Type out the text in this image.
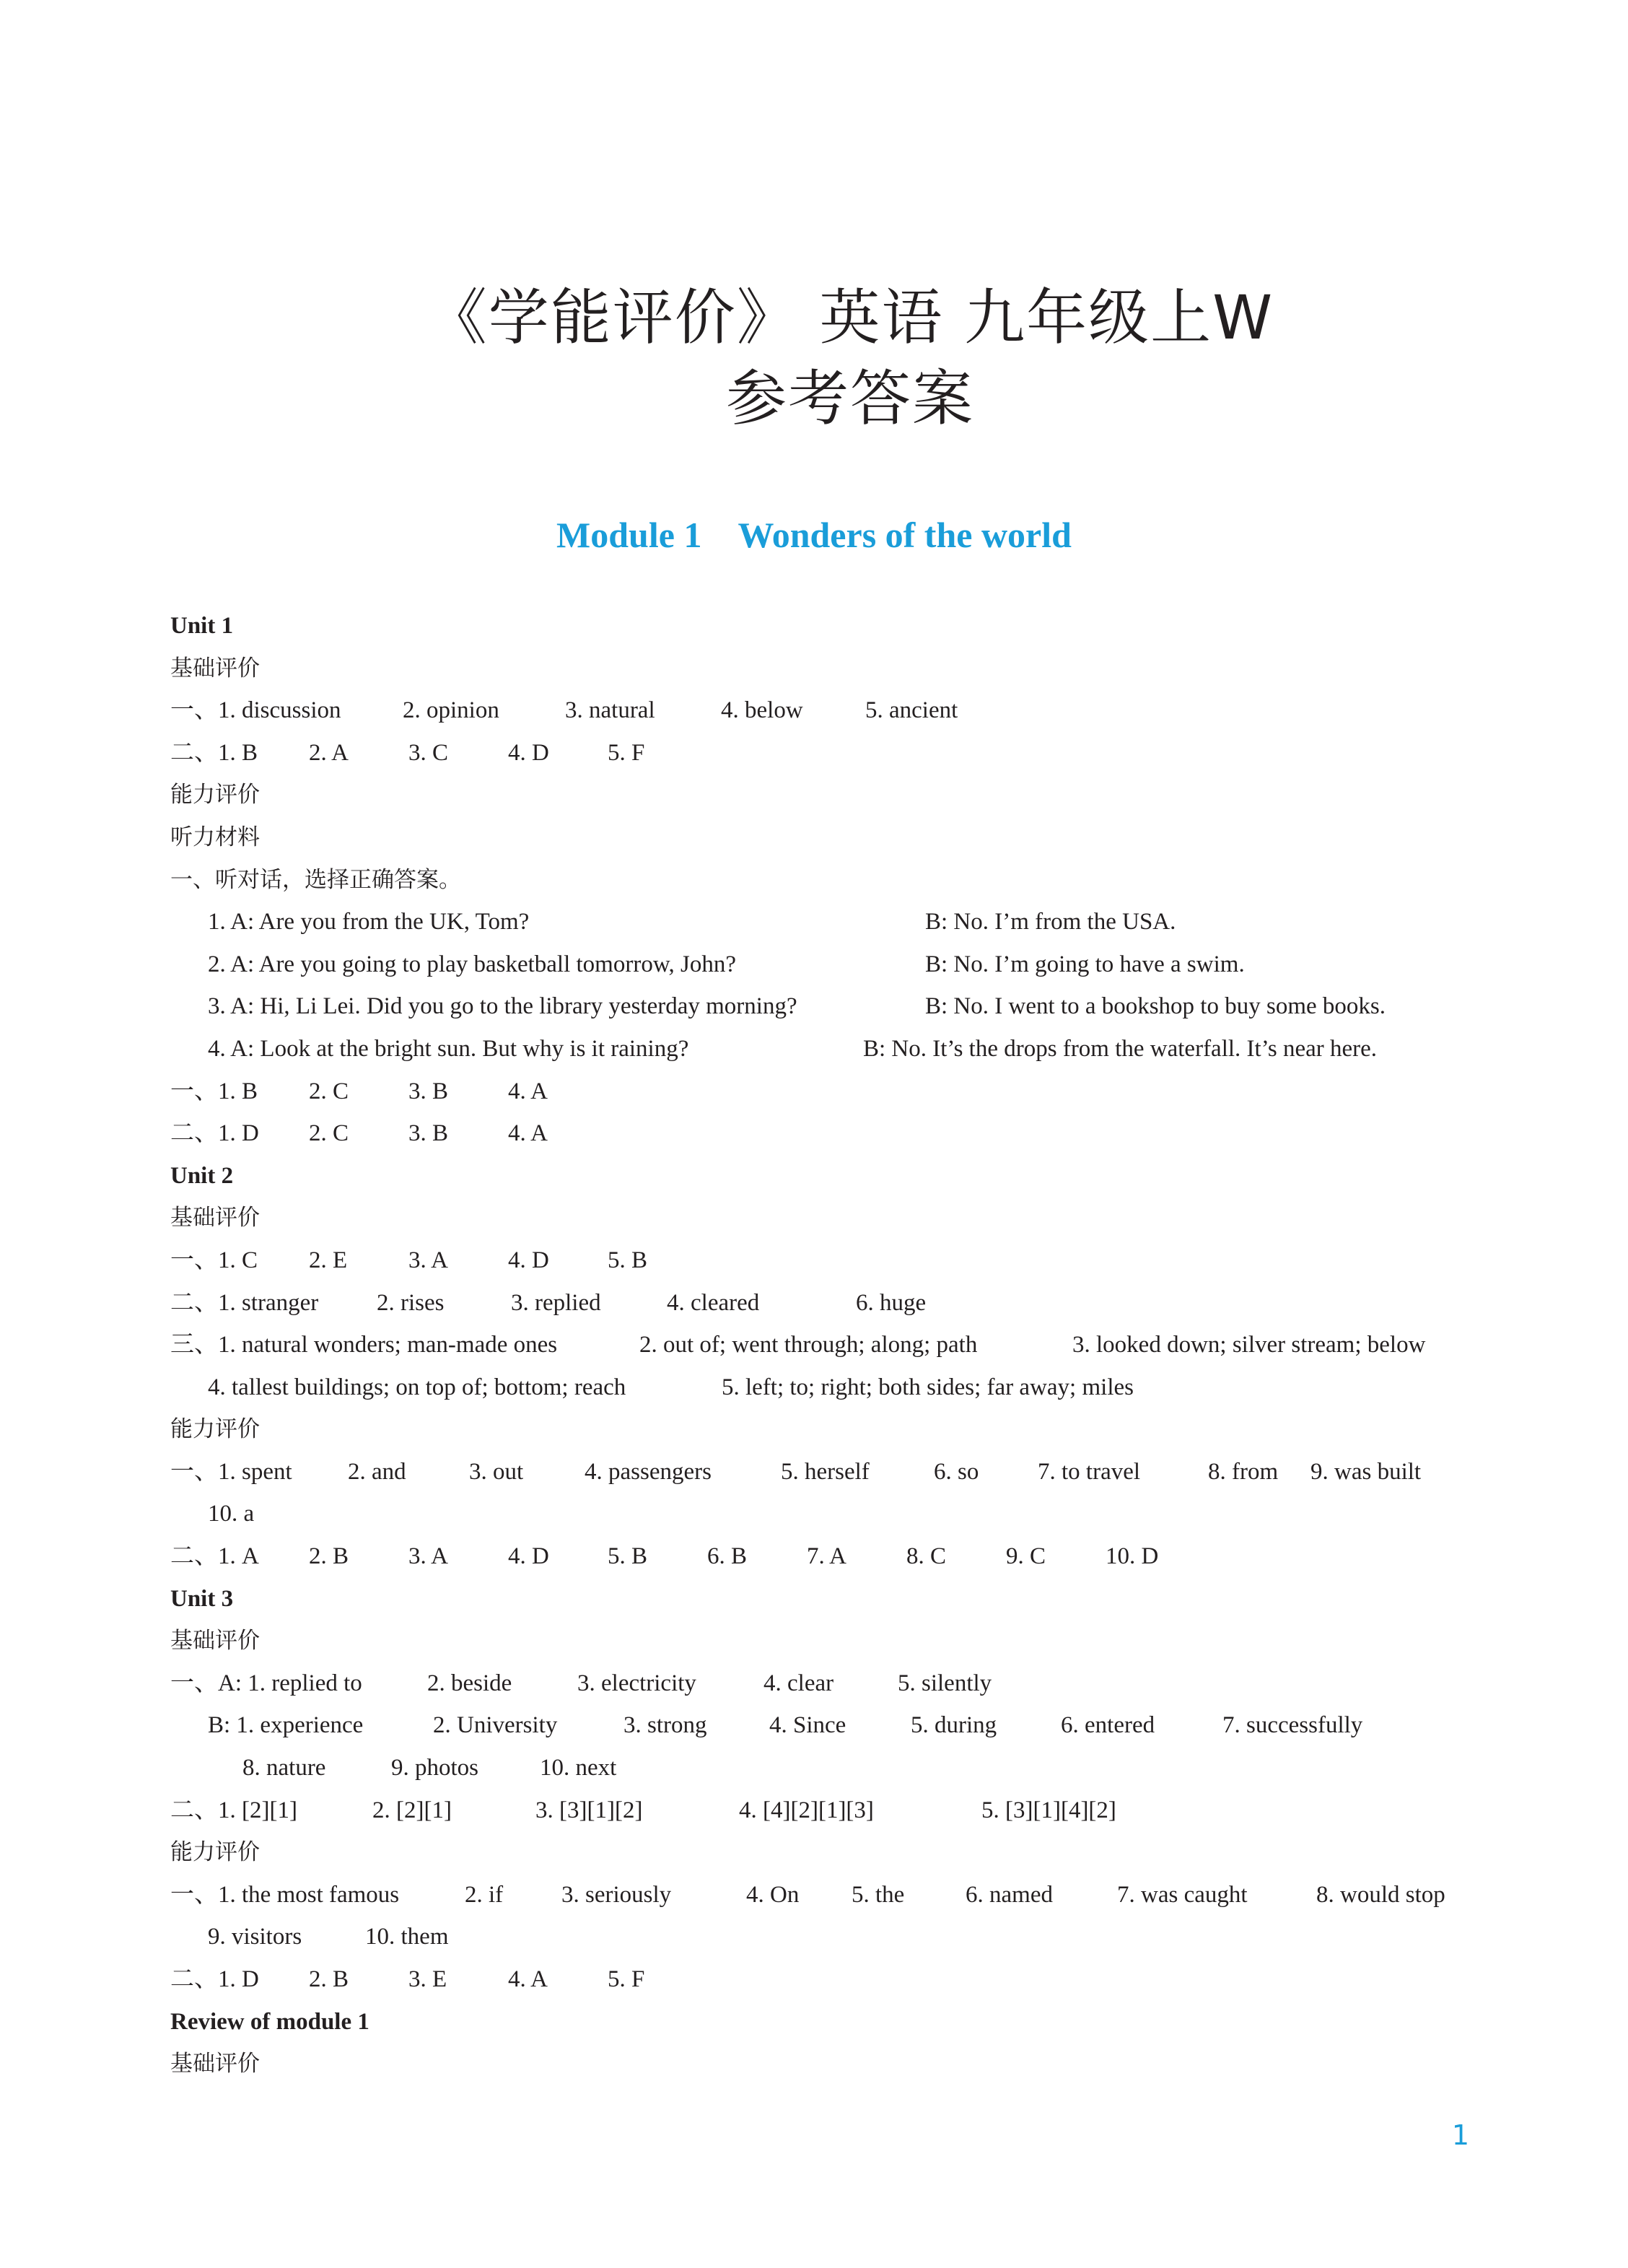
《学能评价》 英语 九年级上W
参考答案
Module 1 Wonders of the world
Unit 1
基础评价
一、1. discussion	2. opinion	3. natural	4. below	5. ancient
二、1. B 2. A	3. C	4. D 5. F
能力评价
听力材料
一、听对话，选择正确答案。
1. A: Are you from the UK, Tom?	B: No. I’m from the USA.
2. A: Are you going to play basketball tomorrow, John?	B: No. I’m going to have a swim.
3. A: Hi, Li Lei. Did you go to the library yesterday morning?	B: No. I went to a bookshop to buy some books.
4. A: Look at the bright sun. But why is it raining?	B: No. It’s the drops from the waterfall. It’s near here.
一、1. B 2. C	3. B	4. A
二、1. D 2. C	3. B	4. A
Unit 2
基础评价
一、1. C 2. E	3. A	4. D 5. B
二、1. stranger 2. rises	3. replied	4. cleared	6. huge
三、1. natural wonders; man-made ones	2. out of; went through; along; path	3. looked down; silver stream; below
4. tallest buildings; on top of; bottom; reach	5. left; to; right; both sides; far away; miles
能力评价
一、1. spent 2. and	3. out	4. passengers	5. herself	6. so 7. to travel	8. from 9. was built
10. a
二、1. A 2. B	3. A	4. D 5. B	6. B	7. A	8. C	9. C	10. D
Unit 3
基础评价
一、A: 1. replied to	2. beside	3. electricity	4. clear	5. silently
B: 1. experience	2. University	3. strong	4. Since	5. during	6. entered	7. successfully
8. nature	9. photos	10. next
二、1. [2][1]	2. [2][1]	3. [3][1][2]	4. [4][2][1][3]	5. [3][1][4][2]
能力评价
一、1. the most famous	2. if 3. seriously	4. On 5. the	6. named	7. was caught	8. would stop
9. visitors	10. them
二、1. D 2. B	3. E	4. A	5. F
Review of module 1
基础评价
1
